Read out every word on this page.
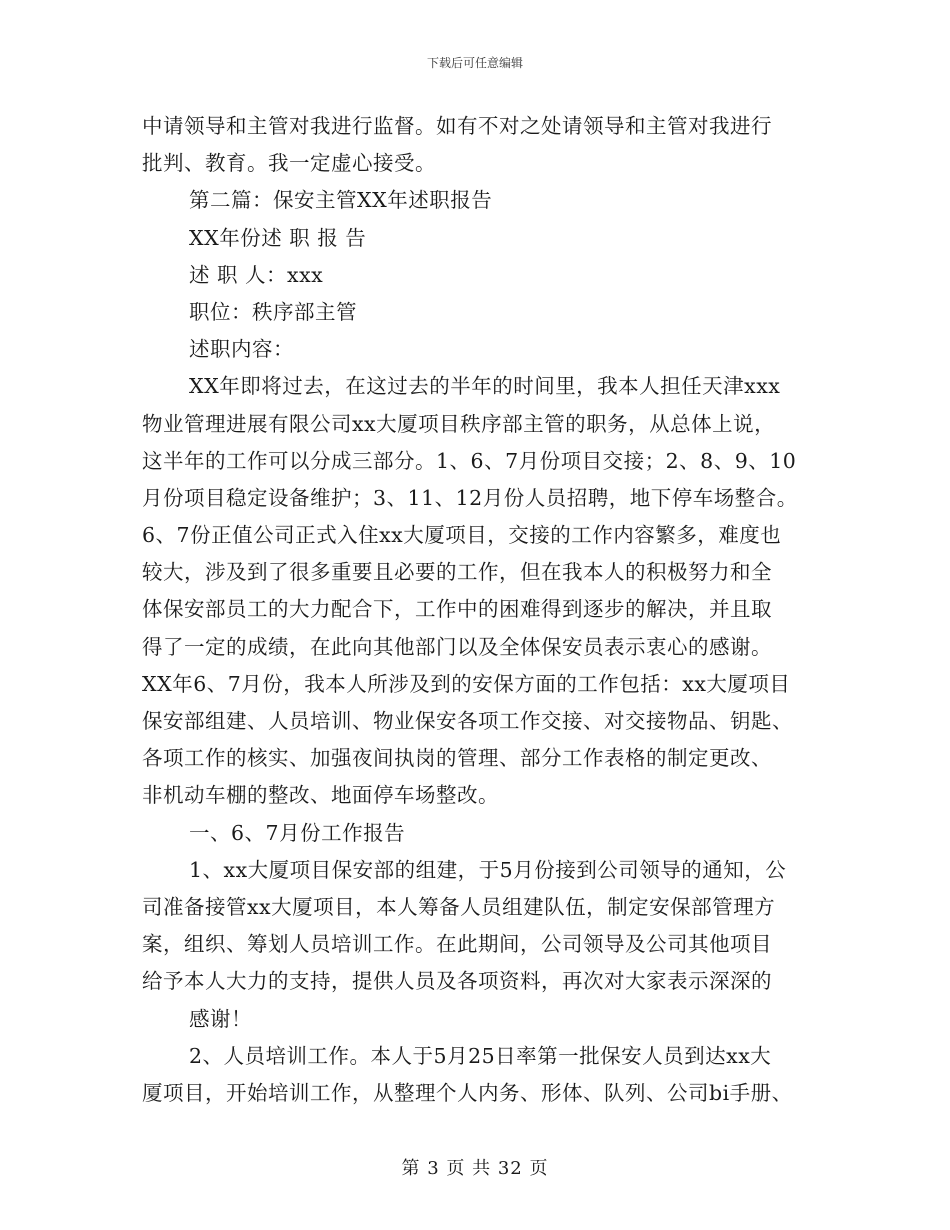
下载后可任意编辑
中请领导和主管对我进行监督。如有不对之处请领导和主管对我进行
批判、教育。我一定虚心接受。
第二篇：保安主管XX年述职报告
XX年份述 职 报 告
述 职 人：xxx
职位：秩序部主管
述职内容：
XX年即将过去，在这过去的半年的时间里，我本人担任天津xxx
物业管理进展有限公司xx大厦项目秩序部主管的职务，从总体上说，
这半年的工作可以分成三部分。1、6、7月份项目交接；2、8、9、10
月份项目稳定设备维护；3、11、12月份人员招聘，地下停车场整合。
6、7份正值公司正式入住xx大厦项目，交接的工作内容繁多，难度也
较大，涉及到了很多重要且必要的工作，但在我本人的积极努力和全
体保安部员工的大力配合下，工作中的困难得到逐步的解决，并且取
得了一定的成绩，在此向其他部门以及全体保安员表示衷心的感谢。
XX年6、7月份，我本人所涉及到的安保方面的工作包括：xx大厦项目
保安部组建、人员培训、物业保安各项工作交接、对交接物品、钥匙、
各项工作的核实、加强夜间执岗的管理、部分工作表格的制定更改、
非机动车棚的整改、地面停车场整改。
一、6、7月份工作报告
1、xx大厦项目保安部的组建，于5月份接到公司领导的通知，公
司准备接管xx大厦项目，本人筹备人员组建队伍，制定安保部管理方
案，组织、筹划人员培训工作。在此期间，公司领导及公司其他项目
给予本人大力的支持，提供人员及各项资料，再次对大家表示深深的
感谢！
2、人员培训工作。本人于5月25日率第一批保安人员到达xx大
厦项目，开始培训工作，从整理个人内务、形体、队列、公司bi手册、
第 3 页 共 32 页
